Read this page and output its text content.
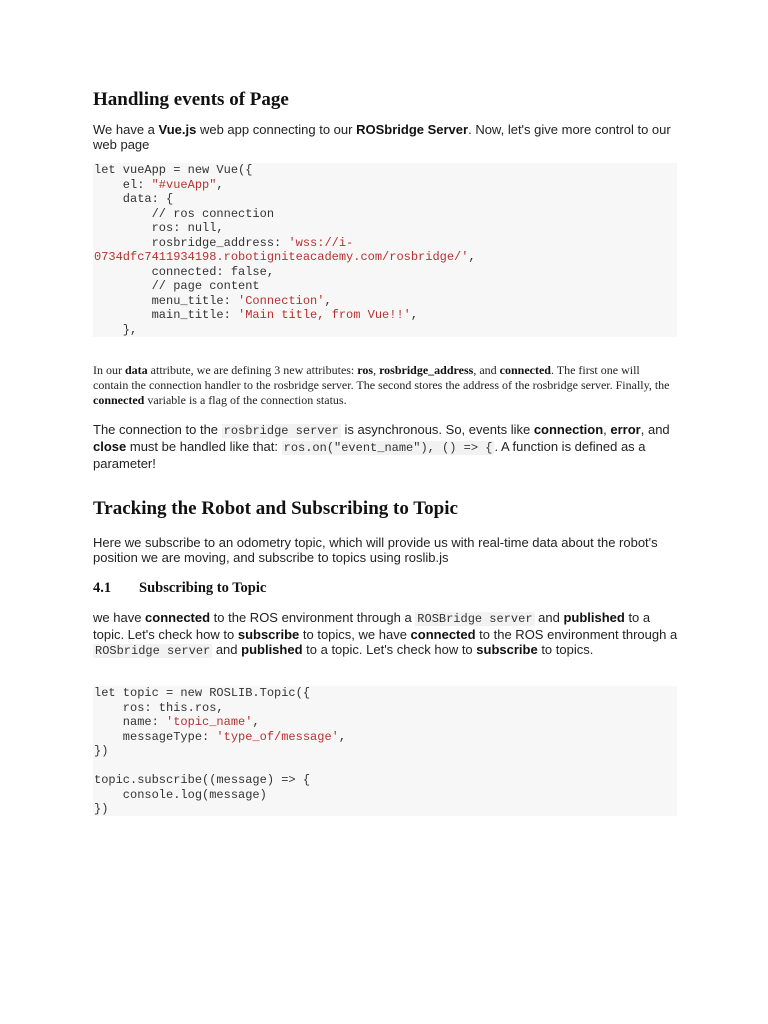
Handling events of Page

We have a Vue.js web app connecting to our ROSbridge Server. Now, let's give more control to our web page

let vueApp = new Vue({
el: "#vueApp",
data: {
// ros connection
ros: null,
rosbridge_address: 'wss://i-
0734dfc7411934198.robotigniteacademy.com/rosbridge/',
connected: false,
// page content
menu_title: 'Connection',
main_title: 'Main title, from Vue!!',
},

In our data attribute, we are defining 3 new attributes: ros, rosbridge_address, and connected. The first one will contain the connection handler to the rosbridge server. The second stores the address of the rosbridge server. Finally, the connected variable is a flag of the connection status.

The connection to the rosbridge server is asynchronous. So, events like connection, error, and close must be handled like that: ros.on("event_name"), () => { . A function is defined as a parameter!

Tracking the Robot and Subscribing to Topic

Here we subscribe to an odometry topic, which will provide us with real-time data about the robot's position we are moving, and subscribe to topics using roslib.js

4.1 Subscribing to Topic

we have connected to the ROS environment through a ROSBridge server and published to a topic. Let's check how to subscribe to topics, we have connected to the ROS environment through a ROSbridge server and published to a topic. Let's check how to subscribe to topics.

let topic = new ROSLIB.Topic({
ros: this.ros,
name: 'topic_name',
messageType: 'type_of/message',
})

topic.subscribe((message) => {
console.log(message)
})
